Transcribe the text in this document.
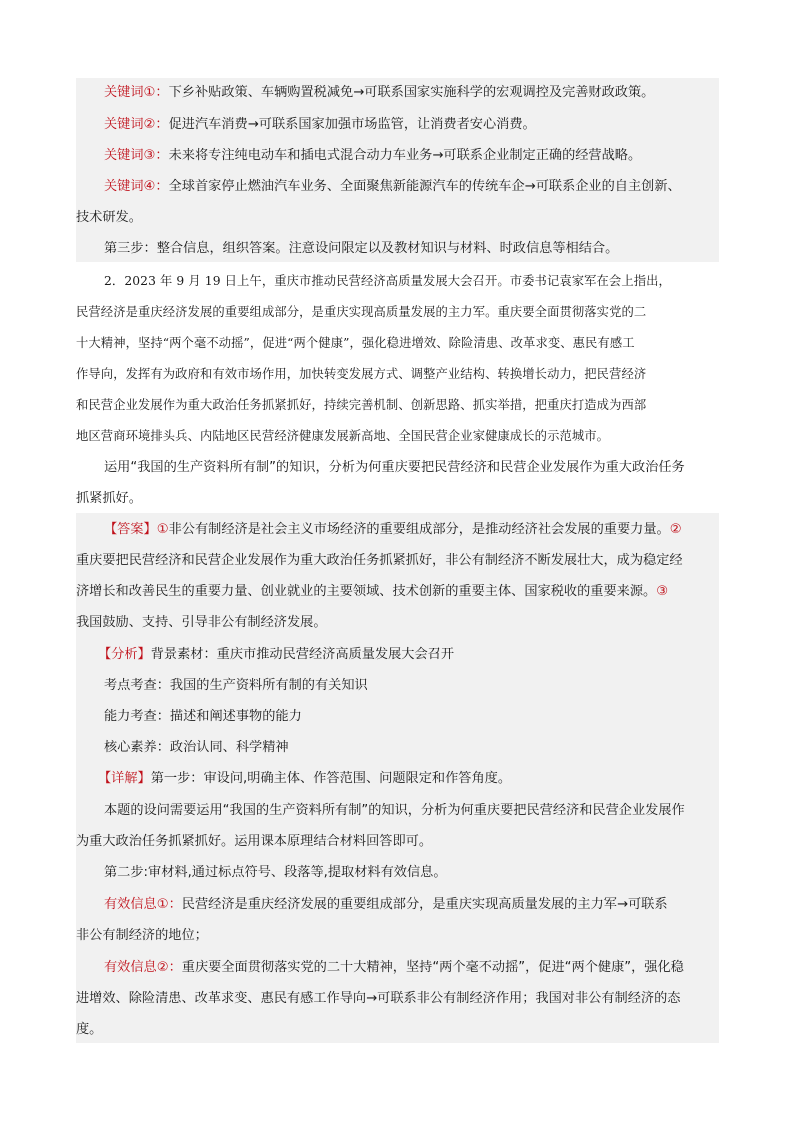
关键词①：下乡补贴政策、车辆购置税减免→可联系国家实施科学的宏观调控及完善财政政策。
关键词②：促进汽车消费→可联系国家加强市场监管，让消费者安心消费。
关键词③：未来将专注纯电动车和插电式混合动力车业务→可联系企业制定正确的经营战略。
关键词④：全球首家停止燃油汽车业务、全面聚焦新能源汽车的传统车企→可联系企业的自主创新、
技术研发。
第三步：整合信息，组织答案。注意设问限定以及教材知识与材料、时政信息等相结合。
2．2023 年 9 月 19 日上午，重庆市推动民营经济高质量发展大会召开。市委书记袁家军在会上指出，
民营经济是重庆经济发展的重要组成部分，是重庆实现高质量发展的主力军。重庆要全面贯彻落实党的二
十大精神，坚持“两个毫不动摇”，促进“两个健康”，强化稳进增效、除险清患、改革求变、惠民有感工
作导向，发挥有为政府和有效市场作用，加快转变发展方式、调整产业结构、转换增长动力，把民营经济
和民营企业发展作为重大政治任务抓紧抓好，持续完善机制、创新思路、抓实举措，把重庆打造成为西部
地区营商环境排头兵、内陆地区民营经济健康发展新高地、全国民营企业家健康成长的示范城市。
运用“我国的生产资料所有制”的知识，分析为何重庆要把民营经济和民营企业发展作为重大政治任务
抓紧抓好。
【答案】①非公有制经济是社会主义市场经济的重要组成部分，是推动经济社会发展的重要力量。②
重庆要把民营经济和民营企业发展作为重大政治任务抓紧抓好，非公有制经济不断发展壮大，成为稳定经
济增长和改善民生的重要力量、创业就业的主要领域、技术创新的重要主体、国家税收的重要来源。③
我国鼓励、支持、引导非公有制经济发展。
【分析】背景素材：重庆市推动民营经济高质量发展大会召开
考点考查：我国的生产资料所有制的有关知识
能力考查：描述和阐述事物的能力
核心素养：政治认同、科学精神
【详解】第一步：审设问,明确主体、作答范围、问题限定和作答角度。
本题的设问需要运用“我国的生产资料所有制”的知识，分析为何重庆要把民营经济和民营企业发展作
为重大政治任务抓紧抓好。运用课本原理结合材料回答即可。
第二步:审材料,通过标点符号、段落等,提取材料有效信息。
有效信息①：民营经济是重庆经济发展的重要组成部分，是重庆实现高质量发展的主力军→可联系
非公有制经济的地位；
有效信息②：重庆要全面贯彻落实党的二十大精神，坚持“两个毫不动摇”，促进“两个健康”，强化稳
进增效、除险清患、改革求变、惠民有感工作导向→可联系非公有制经济作用；我国对非公有制经济的态
度。
